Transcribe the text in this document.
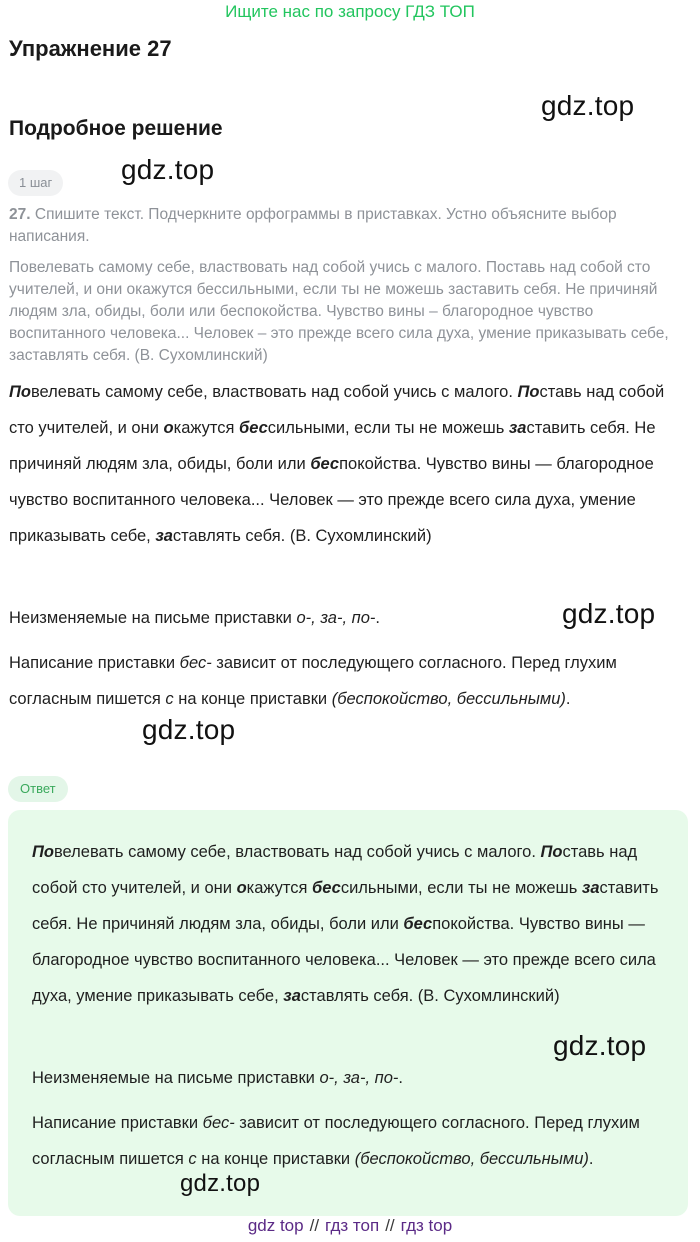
Ищите нас по запросу ГДЗ ТОП
Упражнение 27
gdz.top
Подробное решение
1 шаг	gdz.top
27. Спишите текст. Подчеркните орфограммы в приставках. Устно объясните выбор написания.
Повелевать самому себе, властвовать над собой учись с малого. Поставь над собой сто учителей, и они окажутся бессильными, если ты не можешь заставить себя. Не причиняй людям зла, обиды, боли или беспокойства. Чувство вины – благородное чувство воспитанного человека... Человек – это прежде всего сила духа, умение приказывать себе, заставлять себя. (В. Сухомлинский)
Повелевать самому себе, властвовать над собой учись с малого. Поставь над собой сто учителей, и они окажутся бессильными, если ты не можешь заставить себя. Не причиняй людям зла, обиды, боли или беспокойства. Чувство вины — благородное чувство воспитанного человека... Человек — это прежде всего сила духа, умение приказывать себе, заставлять себя. (В. Сухомлинский)
Неизменяемые на письме приставки о-, за-, по-.	gdz.top
Написание приставки бес- зависит от последующего согласного. Перед глухим согласным пишется с на конце приставки (беспокойство, бессильными).
gdz.top
Ответ
Повелевать самому себе, властвовать над собой учись с малого. Поставь над собой сто учителей, и они окажутся бессильными, если ты не можешь заставить себя. Не причиняй людям зла, обиды, боли или беспокойства. Чувство вины — благородное чувство воспитанного человека... Человек — это прежде всего сила духа, умение приказывать себе, заставлять себя. (В. Сухомлинский)
gdz.top
Неизменяемые на письме приставки о-, за-, по-.
Написание приставки бес- зависит от последующего согласного. Перед глухим согласным пишется с на конце приставки (беспокойство, бессильными).
gdz.top
gdz top // гдз топ // гдз top
